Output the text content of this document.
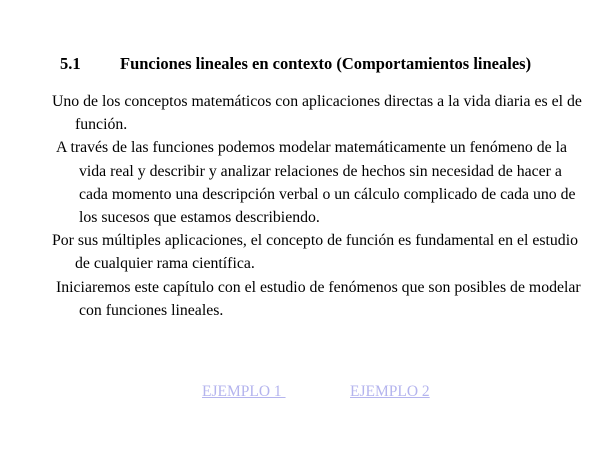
5.1 Funciones lineales en contexto (Comportamientos lineales)

Uno de los conceptos matemáticos con aplicaciones directas a la vida diaria es el de función.

A través de las funciones podemos modelar matemáticamente un fenómeno de la vida real y describir y analizar relaciones de hechos sin necesidad de hacer a cada momento una descripción verbal o un cálculo complicado de cada uno de los sucesos que estamos describiendo.

Por sus múltiples aplicaciones, el concepto de función es fundamental en el estudio de cualquier rama científica.

Iniciaremos este capítulo con el estudio de fenómenos que son posibles de modelar con funciones lineales.

EJEMPLO 1	EJEMPLO 2
